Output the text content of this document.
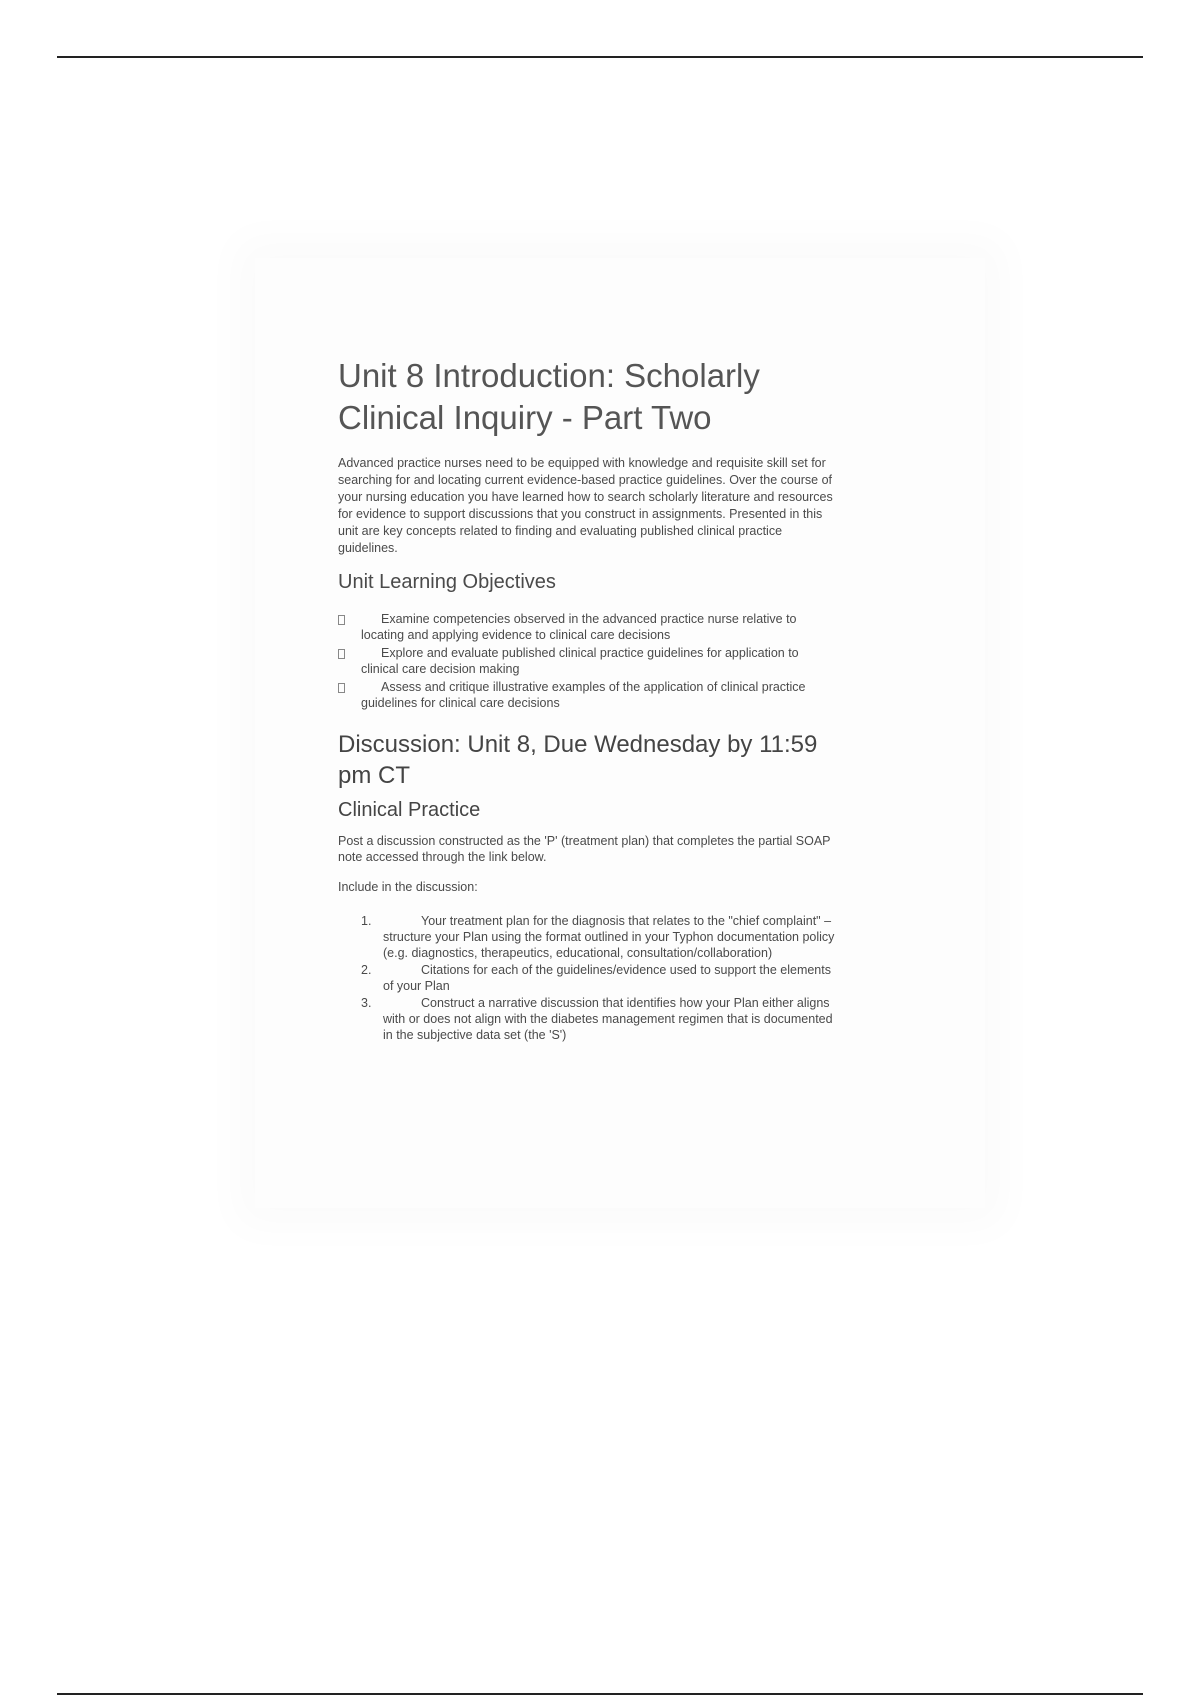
Unit 8 Introduction: Scholarly Clinical Inquiry - Part Two

Advanced practice nurses need to be equipped with knowledge and requisite skill set for searching for and locating current evidence-based practice guidelines. Over the course of your nursing education you have learned how to search scholarly literature and resources for evidence to support discussions that you construct in assignments. Presented in this unit are key concepts related to finding and evaluating published clinical practice guidelines.

Unit Learning Objectives
Examine competencies observed in the advanced practice nurse relative to locating and applying evidence to clinical care decisions
Explore and evaluate published clinical practice guidelines for application to clinical care decision making
Assess and critique illustrative examples of the application of clinical practice guidelines for clinical care decisions
Discussion: Unit 8, Due Wednesday by 11:59 pm CT
Clinical Practice

Post a discussion constructed as the 'P' (treatment plan) that completes the partial SOAP note accessed through the link below.

Include in the discussion:

1.	Your treatment plan for the diagnosis that relates to the "chief complaint" – structure your Plan using the format outlined in your Typhon documentation policy (e.g. diagnostics, therapeutics, educational, consultation/collaboration)
2.	Citations for each of the guidelines/evidence used to support the elements of your Plan
3.	Construct a narrative discussion that identifies how your Plan either aligns with or does not align with the diabetes management regimen that is documented in the subjective data set (the 'S')
